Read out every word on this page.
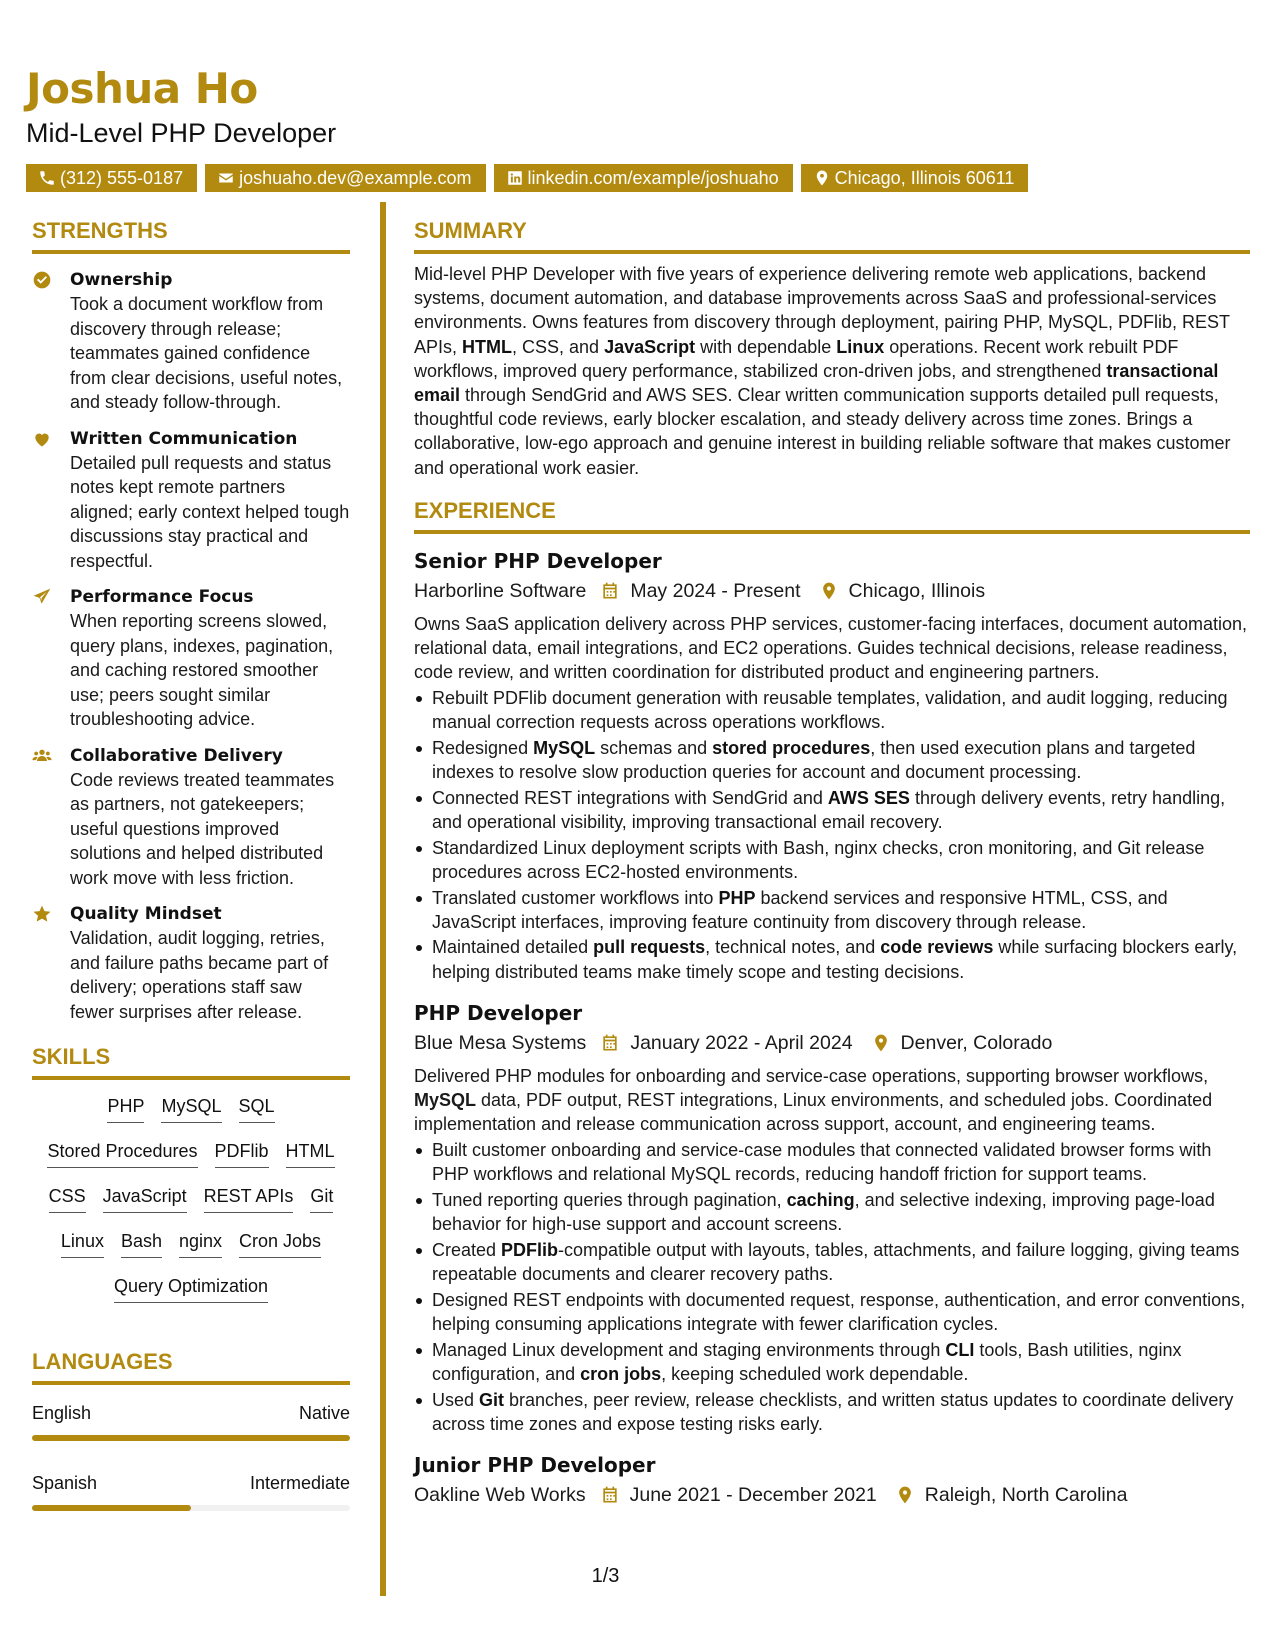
Joshua Ho
Mid-Level PHP Developer
(312) 555-0187	joshuaho.dev@example.com	linkedin.com/example/joshuaho	Chicago, Illinois 60611
STRENGTHS
Ownership
Took a document workflow from discovery through release; teammates gained confidence from clear decisions, useful notes, and steady follow-through.
Written Communication
Detailed pull requests and status notes kept remote partners aligned; early context helped tough discussions stay practical and respectful.
Performance Focus
When reporting screens slowed, query plans, indexes, pagination, and caching restored smoother use; peers sought similar troubleshooting advice.
Collaborative Delivery
Code reviews treated teammates as partners, not gatekeepers; useful questions improved solutions and helped distributed work move with less friction.
Quality Mindset
Validation, audit logging, retries, and failure paths became part of delivery; operations staff saw fewer surprises after release.
SKILLS
PHP MySQL SQL
Stored Procedures PDFlib HTML
CSS JavaScript REST APIs Git
Linux Bash nginx Cron Jobs
Query Optimization
LANGUAGES
English	Native
Spanish	Intermediate
SUMMARY
Mid-level PHP Developer with five years of experience delivering remote web applications, backend systems, document automation, and database improvements across SaaS and professional-services environments. Owns features from discovery through deployment, pairing PHP, MySQL, PDFlib, REST APIs, HTML, CSS, and JavaScript with dependable Linux operations. Recent work rebuilt PDF workflows, improved query performance, stabilized cron-driven jobs, and strengthened transactional email through SendGrid and AWS SES. Clear written communication supports detailed pull requests, thoughtful code reviews, early blocker escalation, and steady delivery across time zones. Brings a collaborative, low-ego approach and genuine interest in building reliable software that makes customer and operational work easier.
EXPERIENCE
Senior PHP Developer
Harborline Software May 2024 - Present Chicago, Illinois
Owns SaaS application delivery across PHP services, customer-facing interfaces, document automation, relational data, email integrations, and EC2 operations. Guides technical decisions, release readiness, code review, and written coordination for distributed product and engineering partners.
Rebuilt PDFlib document generation with reusable templates, validation, and audit logging, reducing manual correction requests across operations workflows.
Redesigned MySQL schemas and stored procedures, then used execution plans and targeted indexes to resolve slow production queries for account and document processing.
Connected REST integrations with SendGrid and AWS SES through delivery events, retry handling, and operational visibility, improving transactional email recovery.
Standardized Linux deployment scripts with Bash, nginx checks, cron monitoring, and Git release procedures across EC2-hosted environments.
Translated customer workflows into PHP backend services and responsive HTML, CSS, and JavaScript interfaces, improving feature continuity from discovery through release.
Maintained detailed pull requests, technical notes, and code reviews while surfacing blockers early, helping distributed teams make timely scope and testing decisions.
PHP Developer
Blue Mesa Systems January 2022 - April 2024 Denver, Colorado
Delivered PHP modules for onboarding and service-case operations, supporting browser workflows, MySQL data, PDF output, REST integrations, Linux environments, and scheduled jobs. Coordinated implementation and release communication across support, account, and engineering teams.
Built customer onboarding and service-case modules that connected validated browser forms with PHP workflows and relational MySQL records, reducing handoff friction for support teams.
Tuned reporting queries through pagination, caching, and selective indexing, improving page-load behavior for high-use support and account screens.
Created PDFlib-compatible output with layouts, tables, attachments, and failure logging, giving teams repeatable documents and clearer recovery paths.
Designed REST endpoints with documented request, response, authentication, and error conventions, helping consuming applications integrate with fewer clarification cycles.
Managed Linux development and staging environments through CLI tools, Bash utilities, nginx configuration, and cron jobs, keeping scheduled work dependable.
Used Git branches, peer review, release checklists, and written status updates to coordinate delivery across time zones and expose testing risks early.
Junior PHP Developer
Oakline Web Works June 2021 - December 2021 Raleigh, North Carolina
1/3
